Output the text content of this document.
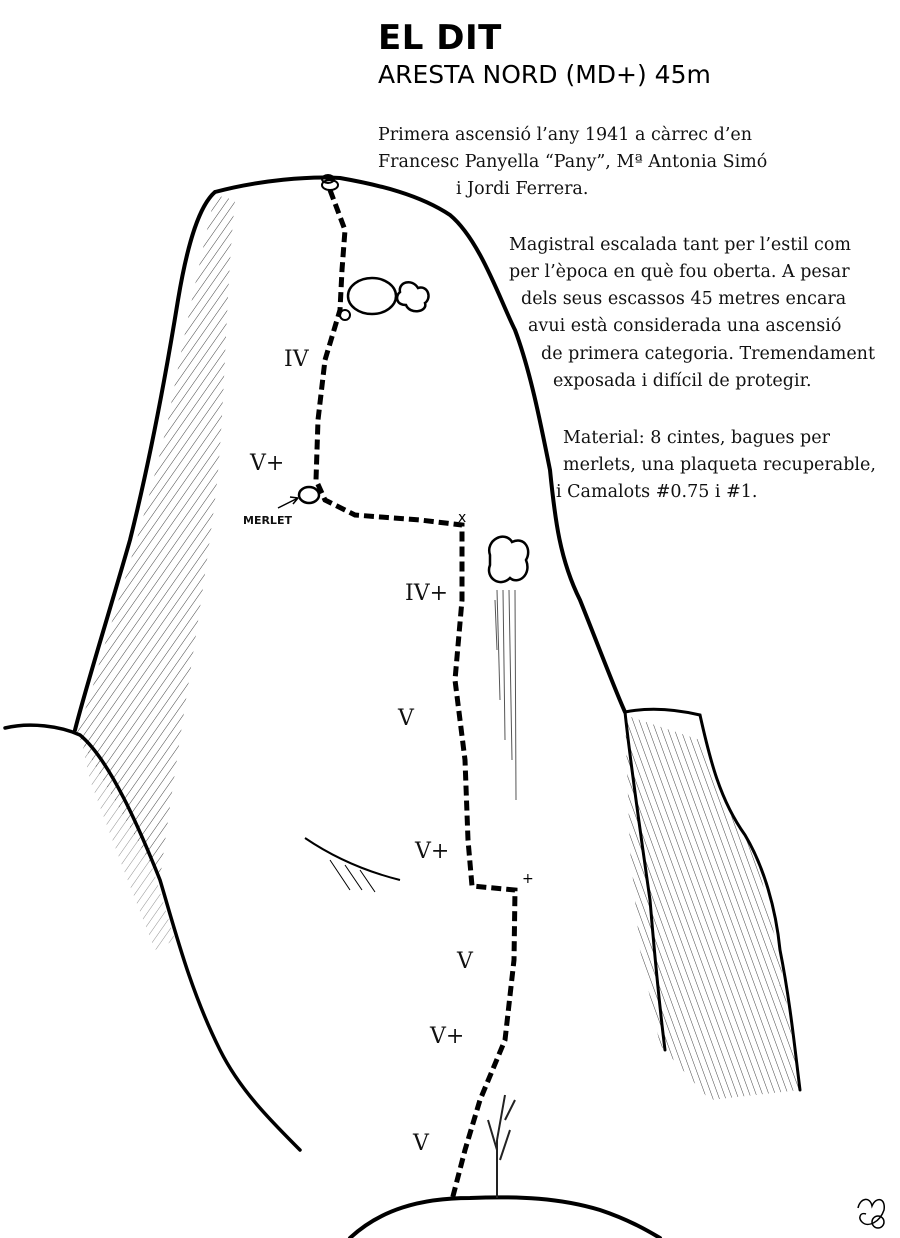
x
+
IV
V+
IV+
V
V+
V
V+
V
MERLET
EL DIT
ARESTA NORD (MD+) 45m
Primera ascensió l’any 1941 a càrrec d’en
Francesc Panyella “Pany”, Mª Antonia Simó
i Jordi Ferrera.
Magistral escalada tant per l’estil com
per l’època en què fou oberta. A pesar
dels seus escassos 45 metres encara
avui està considerada una ascensió
de primera categoria. Tremendament
exposada i difícil de protegir.
Material: 8 cintes, bagues per
merlets, una plaqueta recuperable,
i Camalots #0.75 i #1.
